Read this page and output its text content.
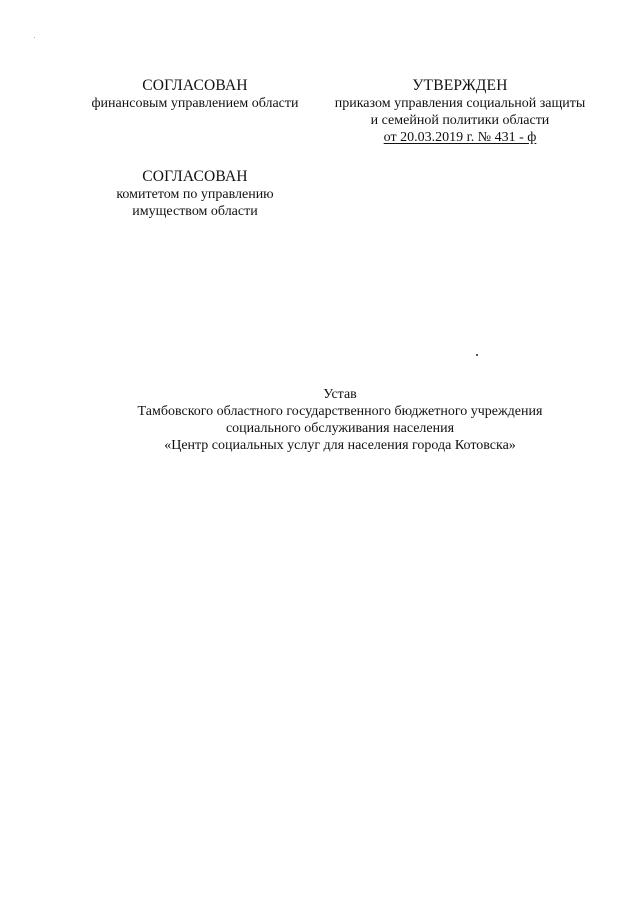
СОГЛАСОВАН
финансовым управлением области
УТВЕРЖДЕН
приказом управления социальной защиты
и семейной политики области
от 20.03.2019 г. № 431 - ф
СОГЛАСОВАН
комитетом по управлению
имуществом области
Устав
Тамбовского областного государственного бюджетного учреждения
социального обслуживания населения
«Центр социальных услуг для населения города Котовска»
